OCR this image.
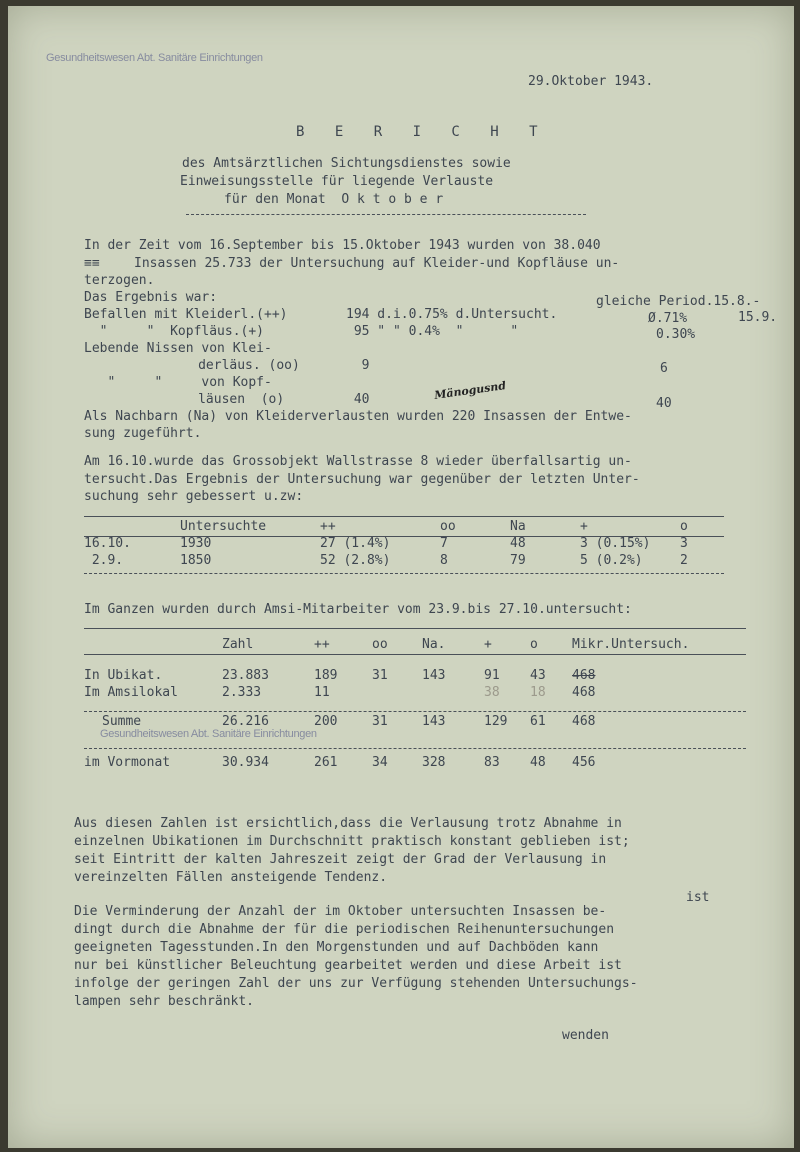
Gesundheitswesen Abt. Sanitäre Einrichtungen
29.Oktober 1943.
B E R I C H T
des Amtsärztlichen Sichtungsdienstes sowie
Einweisungsstelle für liegende Verlauste
für den Monat  O k t o b e r
In der Zeit vom 16.September bis 15.Oktober 1943 wurden von 38.040
≡≡	Insassen 25.733 der Untersuchung auf Kleider-und Kopfläuse un-
terzogen.
Das Ergebnis war:	gleiche Period.15.8.-
15.9.
Befallen mit Kleiderl.(++)	194 d.i.0.75% d.Untersucht.	Ø.71%
"     "  Kopfläus.(+)	95 " " 0.4%  "      "	0.30%
Lebende Nissen von Klei-
derläus. (oo)	9	6
"     "     von Kopf-
läusen  (o)	40	40
Mänogusnd
Als Nachbarn (Na) von Kleiderverlausten wurden 220 Insassen der Entwe-
sung zugeführt.
Am 16.10.wurde das Grossobjekt Wallstrasse 8 wieder überfallsartig un-
tersucht.Das Ergebnis der Untersuchung war gegenüber der letzten Unter-
suchung sehr gebessert u.zw:
	Untersuchte	++	oo	Na	+	o
16.10.	1930	27 (1.4%)	7	48	3 (0.15%)	3
2.9.	1850	52 (2.8%)	8	79	5 (0.2%)	2
Im Ganzen wurden durch Amsi-Mitarbeiter vom 23.9.bis 27.10.untersucht:
	Zahl	++	oo	Na.	+	o	Mikr.Untersuch.

In Ubikat.	23.883	189	31	143	91	43	468
Im Amsilokal	2.333	11			38	18	468

Summe	26.216	200	31	143	129	61	468

im Vormonat	30.934	261	34	328	83	48	456
Gesundheitswesen Abt. Sanitäre Einrichtungen
Aus diesen Zahlen ist ersichtlich,dass die Verlausung trotz Abnahme in
einzelnen Ubikationen im Durchschnitt praktisch konstant geblieben ist;
seit Eintritt der kalten Jahreszeit zeigt der Grad der Verlausung in
vereinzelten Fällen ansteigende Tendenz.
ist
Die Verminderung der Anzahl der im Oktober untersuchten Insassen be-
dingt durch die Abnahme der für die periodischen Reihenuntersuchungen
geeigneten Tagesstunden.In den Morgenstunden und auf Dachböden kann
nur bei künstlicher Beleuchtung gearbeitet werden und diese Arbeit ist
infolge der geringen Zahl der uns zur Verfügung stehenden Untersuchungs-
lampen sehr beschränkt.
wenden
